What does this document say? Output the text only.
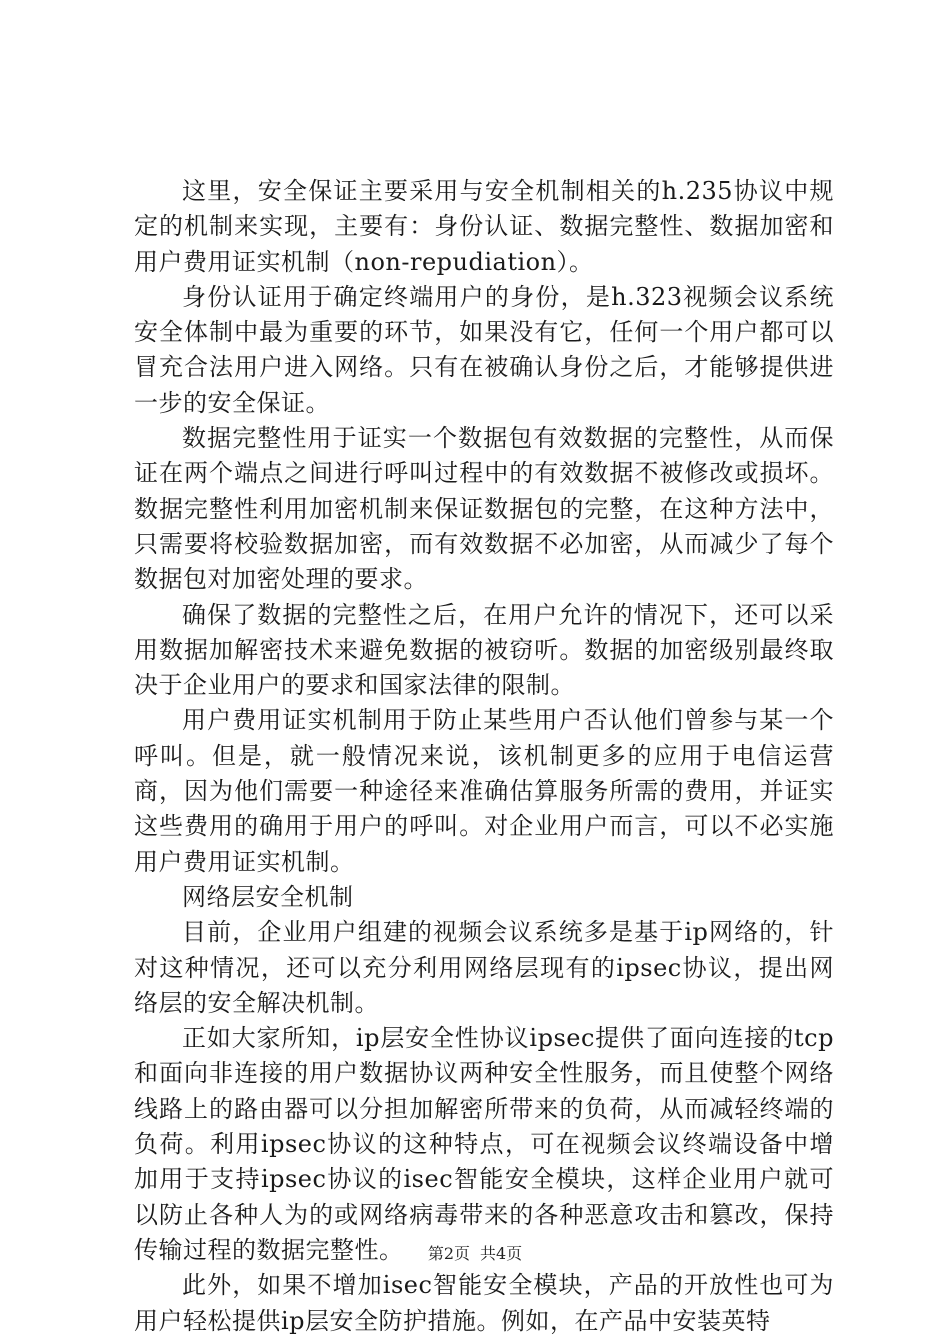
这里，安全保证主要采用与安全机制相关的h.235协议中规定的机制来实现，主要有：身份认证、数据完整性、数据加密和用户费用证实机制（non-repudiation）。

身份认证用于确定终端用户的身份，是h.323视频会议系统安全体制中最为重要的环节，如果没有它，任何一个用户都可以冒充合法用户进入网络。只有在被确认身份之后，才能够提供进一步的安全保证。

数据完整性用于证实一个数据包有效数据的完整性，从而保证在两个端点之间进行呼叫过程中的有效数据不被修改或损坏。数据完整性利用加密机制来保证数据包的完整，在这种方法中，只需要将校验数据加密，而有效数据不必加密，从而减少了每个数据包对加密处理的要求。

确保了数据的完整性之后，在用户允许的情况下，还可以采用数据加解密技术来避免数据的被窃听。数据的加密级别最终取决于企业用户的要求和国家法律的限制。

用户费用证实机制用于防止某些用户否认他们曾参与某一个呼叫。但是，就一般情况来说，该机制更多的应用于电信运营商，因为他们需要一种途径来准确估算服务所需的费用，并证实这些费用的确用于用户的呼叫。对企业用户而言，可以不必实施用户费用证实机制。

网络层安全机制

目前，企业用户组建的视频会议系统多是基于ip网络的，针对这种情况，还可以充分利用网络层现有的ipsec协议，提出网络层的安全解决机制。

正如大家所知，ip层安全性协议ipsec提供了面向连接的tcp和面向非连接的用户数据协议两种安全性服务，而且使整个网络线路上的路由器可以分担加解密所带来的负荷，从而减轻终端的负荷。利用ipsec协议的这种特点，可在视频会议终端设备中增加用于支持ipsec协议的isec智能安全模块，这样企业用户就可以防止各种人为的或网络病毒带来的各种恶意攻击和篡改，保持传输过程的数据完整性。

此外，如果不增加isec智能安全模块，产品的开放性也可为用户轻松提供ip层安全防护措施。例如，在产品中安装英特

第2页 共4页
